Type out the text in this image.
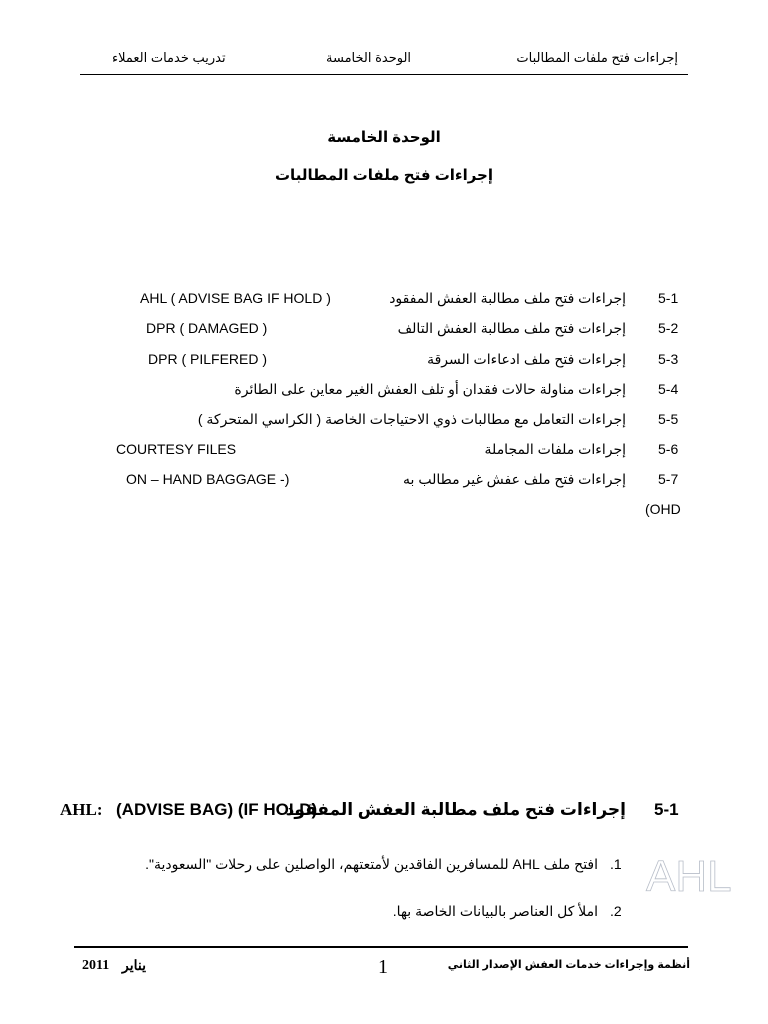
إجراءات فتح ملفات المطالبات
الوحدة الخامسة
تدريب خدمات العملاء
الوحدة الخامسة
إجراءات فتح ملفات المطالبات
5-1
إجراءات فتح ملف مطالبة العفش المفقود
AHL ( ADVISE BAG IF HOLD )
5-2
إجراءات فتح ملف مطالبة العفش التالف
DPR ( DAMAGED )
5-3
إجراءات فتح ملف ادعاءات السرقة
DPR ( PILFERED )
5-4
إجراءات مناولة حالات فقدان أو تلف العفش الغير معاين على الطائرة
5-5
إجراءات التعامل مع مطالبات ذوي الاحتياجات الخاصة ( الكراسي المتحركة )
5-6
إجراءات ملفات المجاملة
COURTESY FILES
5-7
إجراءات فتح ملف عفش غير مطالب به
ON – HAND BAGGAGE -)
(OHD
5-1
إجراءات فتح ملف مطالبة العفش المفقود
(ADVISE BAG) (IF HOLD)
AHL:
.1
افتح ملف AHL للمسافرين الفاقدين لأمتعتهم، الواصلين على رحلات "السعودية".
.2
املأ كل العناصر بالبيانات الخاصة بها.
AHL
أنظمة وإجراءات خدمات العفش الإصدار الثاني
1
يناير
2011
